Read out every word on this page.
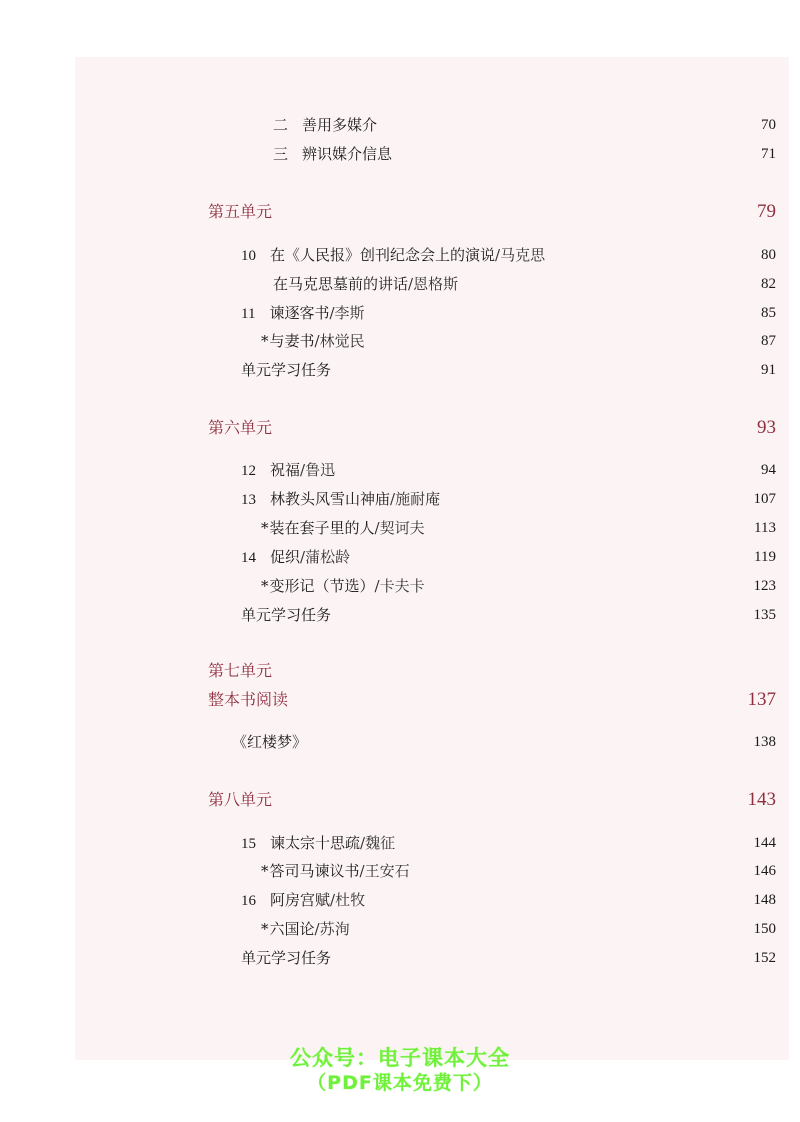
二 善用多媒介	70
三 辨识媒介信息	71
第五单元	79
10 在《人民报》创刊纪念会上的演说/马克思	80
在马克思墓前的讲话/恩格斯	82
11 谏逐客书/李斯	85
*与妻书/林觉民	87
单元学习任务	91
第六单元	93
12 祝福/鲁迅	94
13 林教头风雪山神庙/施耐庵	107
*装在套子里的人/契诃夫	113
14 促织/蒲松龄	119
*变形记（节选）/卡夫卡	123
单元学习任务	135
第七单元
整本书阅读	137
《红楼梦》	138
第八单元	143
15 谏太宗十思疏/魏征	144
*答司马谏议书/王安石	146
16 阿房宫赋/杜牧	148
*六国论/苏洵	150
单元学习任务	152
公众号：电子课本大全
（PDF课本免费下）
